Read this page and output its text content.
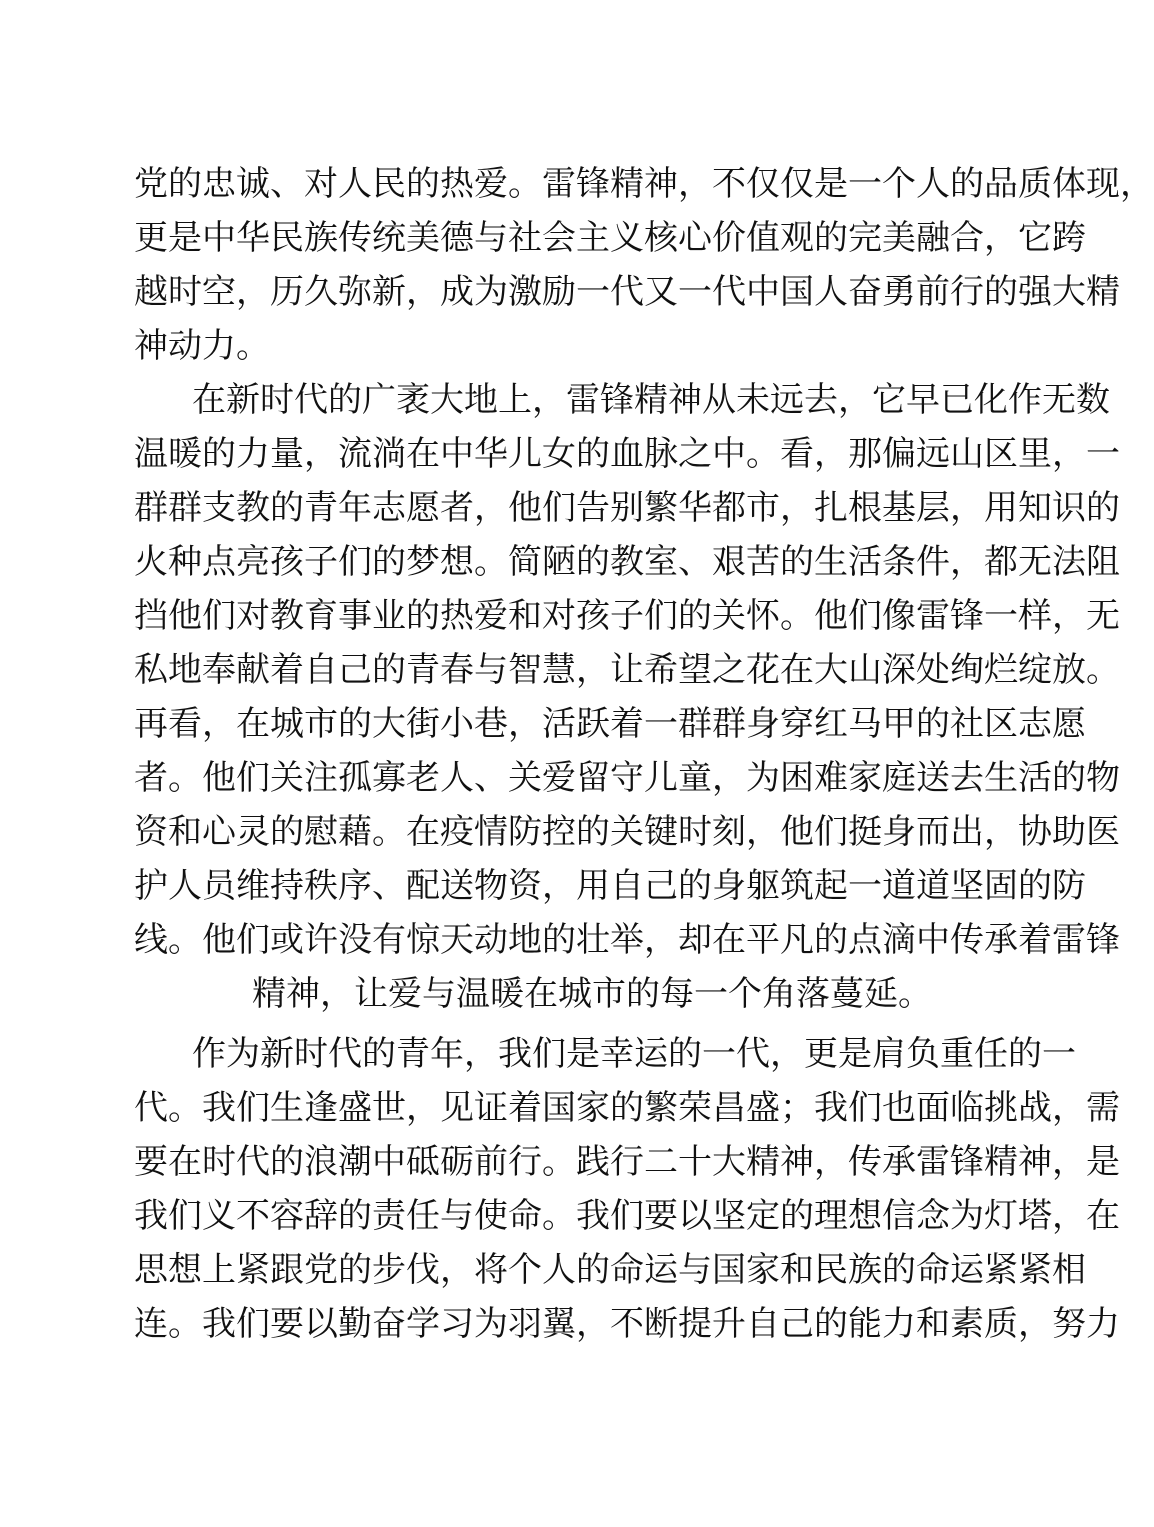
党的忠诚、对人民的热爱。雷锋精神，不仅仅是一个人的品质体现，
更是中华民族传统美德与社会主义核心价值观的完美融合，它跨
越时空，历久弥新，成为激励一代又一代中国人奋勇前行的强大精
神动力。
在新时代的广袤大地上，雷锋精神从未远去，它早已化作无数
温暖的力量，流淌在中华儿女的血脉之中。看，那偏远山区里，一
群群支教的青年志愿者，他们告别繁华都市，扎根基层，用知识的
火种点亮孩子们的梦想。简陋的教室、艰苦的生活条件，都无法阻
挡他们对教育事业的热爱和对孩子们的关怀。他们像雷锋一样，无
私地奉献着自己的青春与智慧，让希望之花在大山深处绚烂绽放。
再看，在城市的大街小巷，活跃着一群群身穿红马甲的社区志愿
者。他们关注孤寡老人、关爱留守儿童，为困难家庭送去生活的物
资和心灵的慰藉。在疫情防控的关键时刻，他们挺身而出，协助医
护人员维持秩序、配送物资，用自己的身躯筑起一道道坚固的防
线。他们或许没有惊天动地的壮举，却在平凡的点滴中传承着雷锋
精神，让爱与温暖在城市的每一个角落蔓延。
作为新时代的青年，我们是幸运的一代，更是肩负重任的一
代。我们生逢盛世，见证着国家的繁荣昌盛；我们也面临挑战，需
要在时代的浪潮中砥砺前行。践行二十大精神，传承雷锋精神，是
我们义不容辞的责任与使命。我们要以坚定的理想信念为灯塔，在
思想上紧跟党的步伐，将个人的命运与国家和民族的命运紧紧相
连。我们要以勤奋学习为羽翼，不断提升自己的能力和素质，努力
